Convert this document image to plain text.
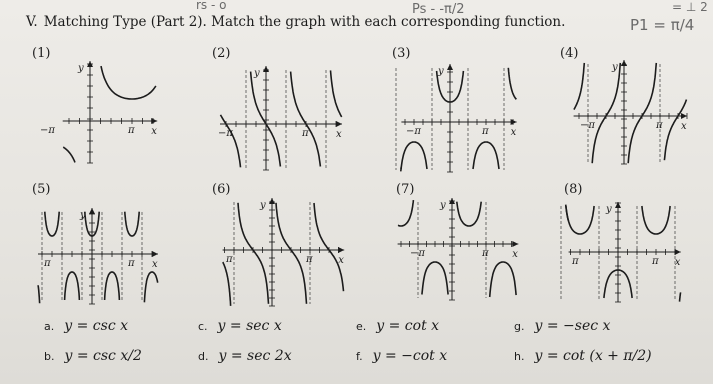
rs - o	Ps - -π/2
P1 = π/4
= ⊥ 2
V. Matching Type (Part 2). Match the graph with each corresponding function.
(1)
y
x
π
−π
(2)
y
x
π
−π
(3)
y
x
π
−π
(4)
y
x
π
−π
(5)
y
x
π
π
(6)
y
x
π
π
(7)
y
x
π
−π
(8)
y
x
π
π
a. y = csc x
b. y = csc x/2
c. y = sec x
d. y = sec 2x
e. y = cot x
f. y = −cot x
g. y = −sec x
h. y = cot (x + π/2)
